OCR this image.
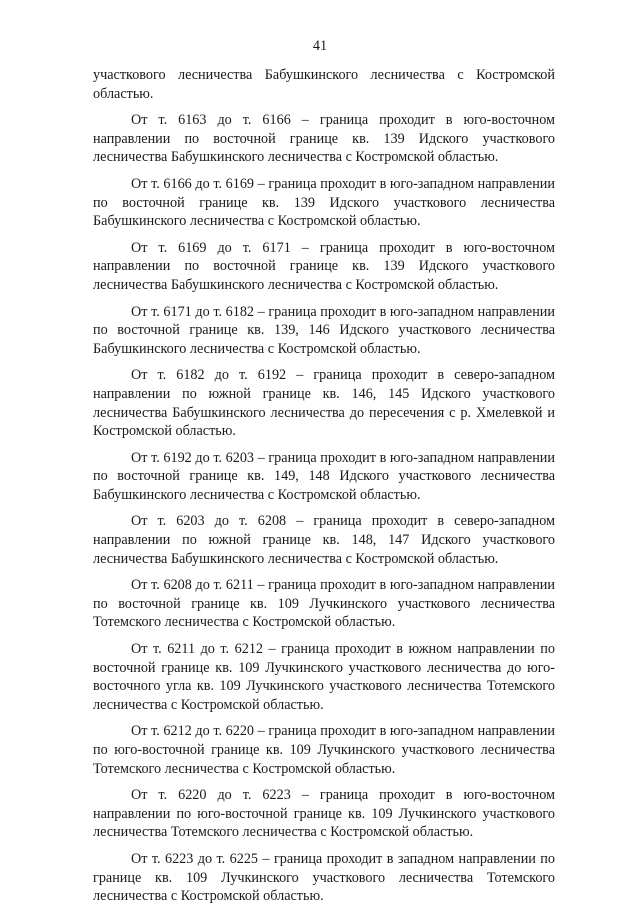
41

участкового лесничества Бабушкинского лесничества с Костромской областью.

От т. 6163 до т. 6166 – граница проходит в юго-восточном направлении по восточной границе кв. 139 Идского участкового лесничества Бабушкинского лесничества с Костромской областью.

От т. 6166 до т. 6169 – граница проходит в юго-западном направлении по восточной границе кв. 139 Идского участкового лесничества Бабушкинского лесничества с Костромской областью.

От т. 6169 до т. 6171 – граница проходит в юго-восточном направлении по восточной границе кв. 139 Идского участкового лесничества Бабушкинского лесничества с Костромской областью.

От т. 6171 до т. 6182 – граница проходит в юго-западном направлении по восточной границе кв. 139, 146 Идского участкового лесничества Бабушкинского лесничества с Костромской областью.

От т. 6182 до т. 6192 – граница проходит в северо-западном направлении по южной границе кв. 146, 145 Идского участкового лесничества Бабушкинского лесничества до пересечения с р. Хмелевкой и Костромской областью.

От т. 6192 до т. 6203 – граница проходит в юго-западном направлении по восточной границе кв. 149, 148 Идского участкового лесничества Бабушкинского лесничества с Костромской областью.

От т. 6203 до т. 6208 – граница проходит в северо-западном направлении по южной границе кв. 148, 147 Идского участкового лесничества Бабушкинского лесничества с Костромской областью.

От т. 6208 до т. 6211 – граница проходит в юго-западном направлении по восточной границе кв. 109 Лучкинского участкового лесничества Тотемского лесничества с Костромской областью.

От т. 6211 до т. 6212 – граница проходит в южном направлении по восточной границе кв. 109 Лучкинского участкового лесничества до юго-восточного угла кв. 109 Лучкинского участкового лесничества Тотемского лесничества с Костромской областью.

От т. 6212 до т. 6220 – граница проходит в юго-западном направлении по юго-восточной границе кв. 109 Лучкинского участкового лесничества Тотемского лесничества с Костромской областью.

От т. 6220 до т. 6223 – граница проходит в юго-восточном направлении по юго-восточной границе кв. 109 Лучкинского участкового лесничества Тотемского лесничества с Костромской областью.

От т. 6223 до т. 6225 – граница проходит в западном направлении по границе кв. 109 Лучкинского участкового лесничества Тотемского лесничества с Костромской областью.
